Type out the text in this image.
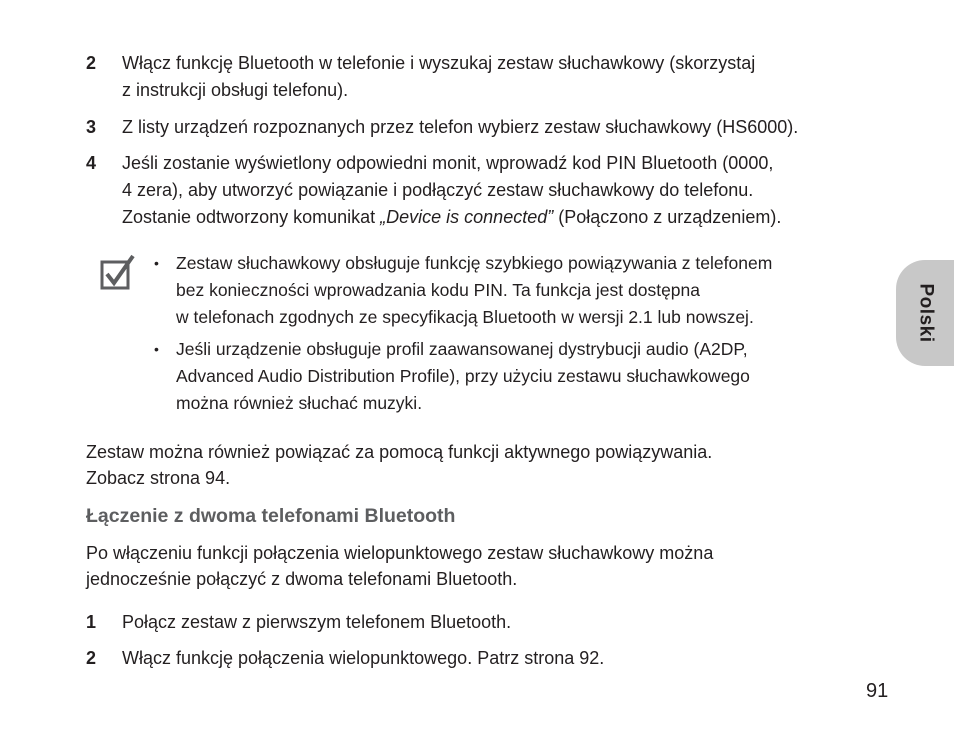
2	Włącz funkcję Bluetooth w telefonie i wyszukaj zestaw słuchawkowy (skorzystaj
z instrukcji obsługi telefonu).
3	Z listy urządzeń rozpoznanych przez telefon wybierz zestaw słuchawkowy (HS6000).
4	Jeśli zostanie wyświetlony odpowiedni monit, wprowadź kod PIN Bluetooth (0000,
4 zera), aby utworzyć powiązanie i podłączyć zestaw słuchawkowy do telefonu.
Zostanie odtworzony komunikat „Device is connected” (Połączono z urządzeniem).
• Zestaw słuchawkowy obsługuje funkcję szybkiego powiązywania z telefonem
bez konieczności wprowadzania kodu PIN. Ta funkcja jest dostępna
w telefonach zgodnych ze specyfikacją Bluetooth w wersji 2.1 lub nowszej.
• Jeśli urządzenie obsługuje profil zaawansowanej dystrybucji audio (A2DP,
Advanced Audio Distribution Profile), przy użyciu zestawu słuchawkowego
można również słuchać muzyki.
Zestaw można również powiązać za pomocą funkcji aktywnego powiązywania.
Zobacz strona 94.
Łączenie z dwoma telefonami Bluetooth
Po włączeniu funkcji połączenia wielopunktowego zestaw słuchawkowy można
jednocześnie połączyć z dwoma telefonami Bluetooth.
1	Połącz zestaw z pierwszym telefonem Bluetooth.
2	Włącz funkcję połączenia wielopunktowego. Patrz strona 92.
Polski
91
